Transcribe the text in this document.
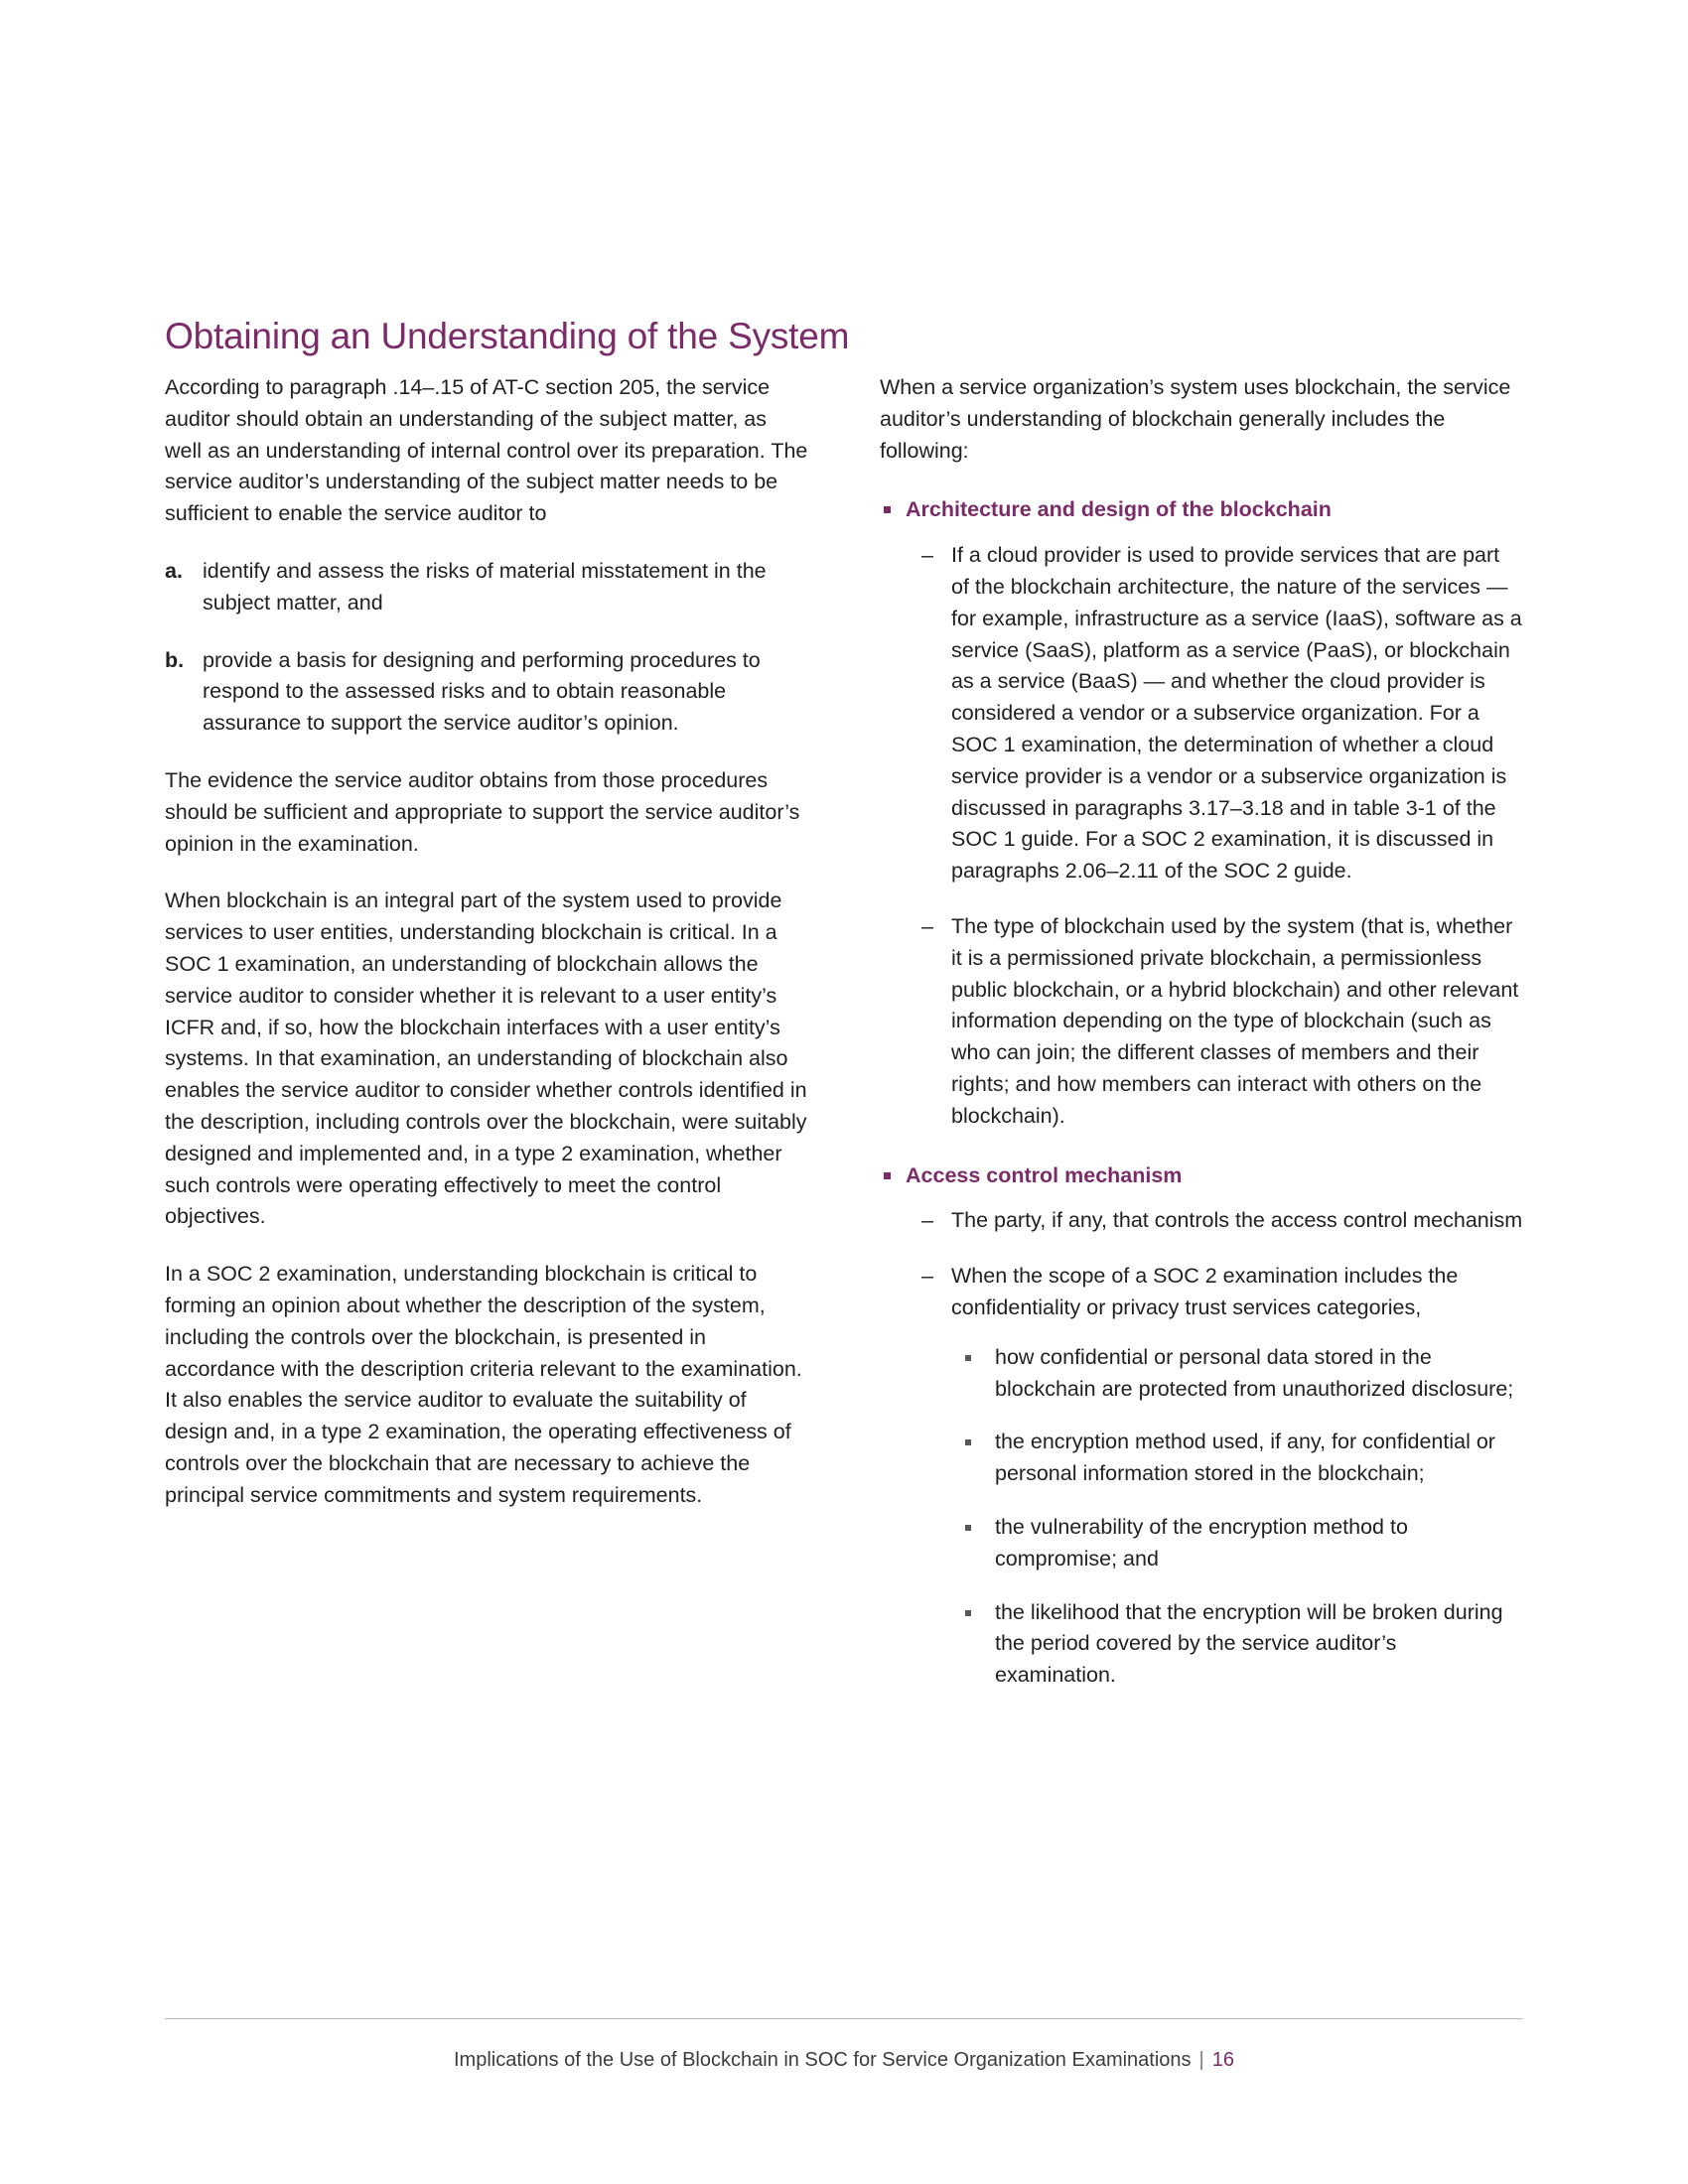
Obtaining an Understanding of the System

According to paragraph .14–.15 of AT-C section 205, the service auditor should obtain an understanding of the subject matter, as well as an understanding of internal control over its preparation. The service auditor’s understanding of the subject matter needs to be sufficient to enable the service auditor to

a. identify and assess the risks of material misstatement in the subject matter, and
b. provide a basis for designing and performing procedures to respond to the assessed risks and to obtain reasonable assurance to support the service auditor’s opinion.

The evidence the service auditor obtains from those procedures should be sufficient and appropriate to support the service auditor’s opinion in the examination.

When blockchain is an integral part of the system used to provide services to user entities, understanding blockchain is critical. In a SOC 1 examination, an understanding of blockchain allows the service auditor to consider whether it is relevant to a user entity’s ICFR and, if so, how the blockchain interfaces with a user entity’s systems. In that examination, an understanding of blockchain also enables the service auditor to consider whether controls identified in the description, including controls over the blockchain, were suitably designed and implemented and, in a type 2 examination, whether such controls were operating effectively to meet the control objectives.

In a SOC 2 examination, understanding blockchain is critical to forming an opinion about whether the description of the system, including the controls over the blockchain, is presented in accordance with the description criteria relevant to the examination. It also enables the service auditor to evaluate the suitability of design and, in a type 2 examination, the operating effectiveness of controls over the blockchain that are necessary to achieve the principal service commitments and system requirements.

When a service organization’s system uses blockchain, the service auditor’s understanding of blockchain generally includes the following:

Architecture and design of the blockchain
– If a cloud provider is used to provide services that are part of the blockchain architecture, the nature of the services — for example, infrastructure as a service (IaaS), software as a service (SaaS), platform as a service (PaaS), or blockchain as a service (BaaS) — and whether the cloud provider is considered a vendor or a subservice organization. For a SOC 1 examination, the determination of whether a cloud service provider is a vendor or a subservice organization is discussed in paragraphs 3.17–3.18 and in table 3-1 of the SOC 1 guide. For a SOC 2 examination, it is discussed in paragraphs 2.06–2.11 of the SOC 2 guide.
– The type of blockchain used by the system (that is, whether it is a permissioned private blockchain, a permissionless public blockchain, or a hybrid blockchain) and other relevant information depending on the type of blockchain (such as who can join; the different classes of members and their rights; and how members can interact with others on the blockchain).
Access control mechanism
– The party, if any, that controls the access control mechanism
– When the scope of a SOC 2 examination includes the confidentiality or privacy trust services categories,
how confidential or personal data stored in the blockchain are protected from unauthorized disclosure;
the encryption method used, if any, for confidential or personal information stored in the blockchain;
the vulnerability of the encryption method to compromise; and
the likelihood that the encryption will be broken during the period covered by the service auditor’s examination.
Implications of the Use of Blockchain in SOC for Service Organization Examinations | 16
